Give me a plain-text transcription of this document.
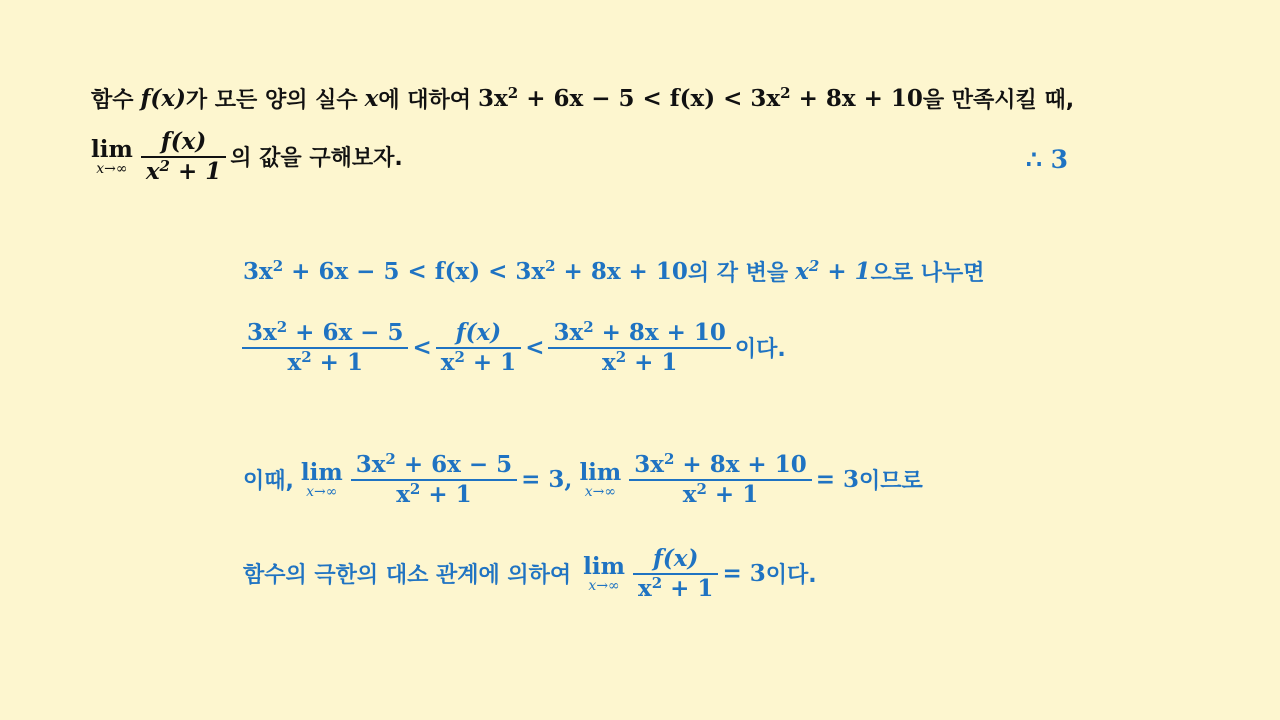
함수 f(x) 가 모든 양의 실수 x 에 대하여 $3x^2 + 6x - 5 < f(x) < 3x^2 + 8x + 10$ 을 만족시킬 때,
lim
$x\to\infty \frac{f(x)}{x^2 + 1}$ 의 값을 구해보자.	∴ 3
$3x^2 + 6x - 5 < f(x) < 3x^2 + 8x + 10$ 의 각 변을 $x^2 + 1$ 으로 나누면
$\frac{3x^2 + 6x - 5}{x^2 + 1} < \frac{f(x)}{x^2 + 1} < \frac{3x^2 + 8x + 10}{x^2 + 1}$ 이다.
이때, lim
$x\to\infty \frac{3x^2 + 6x - 5}{x^2 + 1} = 3$, lim
$x\to\infty \frac{3x^2 + 8x + 10}{x^2 + 1} = 3$ 이므로
함수의 극한의 대소 관계에 의하여 lim
$x\to\infty \frac{f(x)}{x^2 + 1} = 3$ 이다.
